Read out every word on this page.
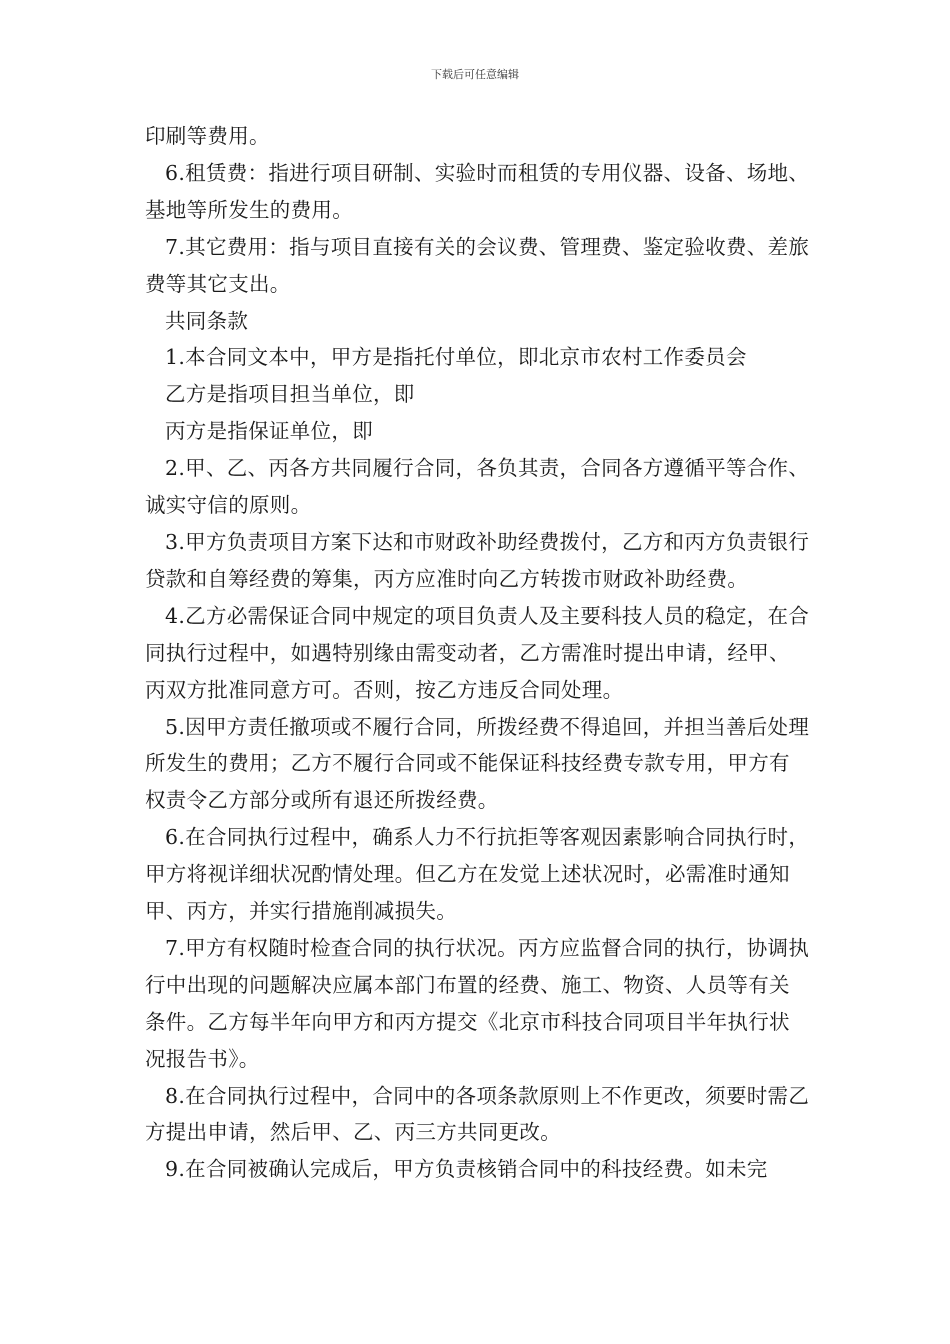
下载后可任意编辑

印刷等费用。

6.租赁费：指进行项目研制、实验时而租赁的专用仪器、设备、场地、基地等所发生的费用。

7.其它费用：指与项目直接有关的会议费、管理费、鉴定验收费、差旅费等其它支出。

共同条款

1.本合同文本中，甲方是指托付单位，即北京市农村工作委员会

乙方是指项目担当单位，即

丙方是指保证单位，即

2.甲、乙、丙各方共同履行合同，各负其责，合同各方遵循平等合作、诚实守信的原则。

3.甲方负责项目方案下达和市财政补助经费拨付，乙方和丙方负责银行贷款和自筹经费的筹集，丙方应准时向乙方转拨市财政补助经费。

4.乙方必需保证合同中规定的项目负责人及主要科技人员的稳定，在合同执行过程中，如遇特别缘由需变动者，乙方需准时提出申请，经甲、丙双方批准同意方可。否则，按乙方违反合同处理。

5.因甲方责任撤项或不履行合同，所拨经费不得追回，并担当善后处理所发生的费用；乙方不履行合同或不能保证科技经费专款专用，甲方有权责令乙方部分或所有退还所拨经费。

6.在合同执行过程中，确系人力不行抗拒等客观因素影响合同执行时，甲方将视详细状况酌情处理。但乙方在发觉上述状况时，必需准时通知甲、丙方，并实行措施削减损失。

7.甲方有权随时检查合同的执行状况。丙方应监督合同的执行，协调执行中出现的问题解决应属本部门布置的经费、施工、物资、人员等有关条件。乙方每半年向甲方和丙方提交《北京市科技合同项目半年执行状况报告书》。

8.在合同执行过程中，合同中的各项条款原则上不作更改，须要时需乙方提出申请，然后甲、乙、丙三方共同更改。

9.在合同被确认完成后，甲方负责核销合同中的科技经费。如未完
